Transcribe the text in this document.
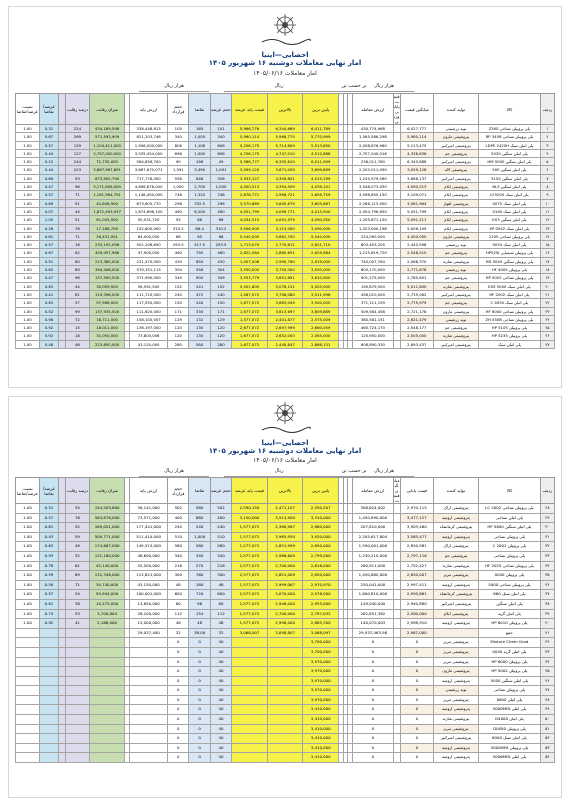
احصایی—اینیا
آمار نهایی معاملات دوشنبه ۱۶ شهریور ۱۴۰۵
آمار معاملات ۱۴۰۵/۰۶/۱۶
هزار ریال	ریال	بر حسب تن	هزار ریال
ردیف	کالا	تولید کننده	میانگین قیمت	قیمت پایانی وزنی	ارزش معامله				پایین ترین	بالاترین	قیمت پایه عرضه	حجم عرضه	تقاضا	حجم قرارداد	ارزش پایه		میزان رقابت	درصد رقابت		عرضه/تقاضا	نسبت عرضه/تقاضا
۱	پلی پروپیلن نساجی Z30S	نوید زرشیمی	6,027,777		430,774,968				6,011,789	6,344,669	5,966,776	101	165	105	338,448,613		434,189,598	224		0.31	1.00
۲	پلی پروپیلن نساجی RP 340R	پتروشیمی مارون	5,960,114		1,565,586,298				5,770,999	5,968,770	5,960,114	340	1,000	340	621,203,746		571,593,909	269		0.67	1.00
۳	پلی اتیلن سبک LDPE 2420H	پتروشیمی امیرکبیر	5,113,475		2,008,676,960				5,513,650	5,714,609	5,206,175	606	1,108	806	1,956,000,000		1,104,411,000	129		0.57	1.00
۴	پلی اتیلن سنگین 5030	پتروشیمی جم	4,336,636		2,757,040,016				4,512,888	4,747,010	4,706,175	696	1,000	696	3,535,454,000		3,757,000,000	127		0.44	1.00
۵	پلی اتیلن سنگین HM 5000	پتروشیمی امیرکبیر	6,340,888		238,011,780				6,011,999	6,355,610	5,566,777	49	196	90	564,856,700		71,735,000	244		0.12	1.00
۶	پلی اتیلن سنگین 500	پتروشیمی لاله	3,059,128		2,203,011,090				3,699,899	3,671,009	3,099,120	1,091	3,490	1,591	3,667,670,071		3,867,987,891	223		0.44	1.00
۷	پلی اتیلن سنگین 5150	پتروشیمی امیرکبیر	3,666,137		1,235,979,560				4,015,199	4,309,801	3,933,127	556	846	556	717,776,000		873,902,790	93		0.69	1.00
۸	پلی اتیلن سنگین BL3	پتروشیمی ایلام	4,090,513		3,548,073,050				4,039,101	4,394,509	4,000,513	1,000	2,700	1,000	4,606,676,000		3,171,806,000	98		0.47	1.00
۹	پلی اتیلن سبک LF0200	پتروشیمی ایلام	3,109,071		3,596,850,150				2,859,759	2,996,721	2,878,771	748	1,320	748	1,146,450,000		1,161,964,791	71		0.57	1.00
۱۰	پلی اتیلن سبک 0075	پتروشیمی اهواز	3,061,964		2,286,113,900				3,605,667	3,645,679	3,570,669	296	332.5	296	673,605,770		42,646,900	91		0.89	1.00
۱۱	پلی اتیلن سبک 0190	پتروشیمی ایلام	5,051,799		2,054,796,650				4,015,500	4,099,771	4,051,799	460	6,200	460	1,674,696,100		1,872,493,937	44		0.07	1.00
۱۲	پلی اتیلن سنگین EX3	پتروشیمی ایلام	5,091,211		1,205,871,150				4,090,050	4,091,979	4,034,515	66	66	55	50,031,720		61,045,000	51		1.00	1.00
۱۳	پلی اتیلن سبک XP 0042	پتروشیمی ایلام	5,006,109		1,023,000,198				3,090,000	3,113,000	3,006,000	310.2	86.4	310.2	152,800,000		17,188,709	76		0.28	1.00
۱۴	پلی پروپیلن نساجی 2105	پتروشیمی مارون	4,400,050		224,090,000				5,540,000	5,661,700	5,540,000	68	65	68	64,000,000		26,431,001	71		0.81	1.00
۱۵	پلی اتیلن سبک 0034	نوید زرشیمی	2,440,598		603,403,205				2,621,710	2,770,611	1,713,079	293.5	517.5	293.5	501,106,650		233,192,096	16		0.57	1.00
۱۶	پلی پروپیلن شیمیایی HP525J	پتروشیمی جم	2,548,510		1,215,819,720				2,629,984	2,880,651	2,622,084	460	790	460	47,900,000		409,057,966	62		0.67	1.00
۱۷	پلی پروپیلن سنگین HD 5040	پتروشیمی شازند	2,066,370		740,007,764				2,919,000	2,990,760	1,007,006	430	850	430	221,470,000		213,385,000	80		0.51	1.00
۱۸	پلی پروپیلن HF 4005	نوید زرشیمی	2,771,678		800,170,000				3,550,000	3,750,000	3,550,000	304	556	304	579,151,113		394,406,000	89		0.65	1.00
۱۹	پلی پروپیلن نساجی HP 5002	پتروشیمی جم	2,780,601		901,279,000				3,610,900	3,651,691	3,553,779	349	900	349	571,990,000		157,590,500	96		0.47	1.00
۲۰	پلی اتیلن سبک EXS 5000	پتروشیمی شازند	5,011,800		190,879,500				5,005,000	5,076,151	5,001,800	152	241	152	56,591,500		30,059,500	44		0.63	1.00
۲۱	پلی اتیلن سبک HF 2002	پتروشیمی امیرکبیر	2,735,062		456,010,000				3,511,996	3,756,080	1,067,072	240	472	240	111,710,000		119,396,000	61		0.41	1.00
۲۲	پلی اتیلن سبک C 4050	پتروشیمی جم	2,775,979		371,111,159				3,500,000	3,663,049	1,677,072	150	240	150	117,550,000		97,566,000	57		0.63	1.00
۲۳	پلی پروپیلن نساجی HF 6000	پتروشیمی مارون	2,721,178		509,584,458				3,609,889	3,613,697	1,677,072	171	330	171	111,620,000		137,935,500	99		0.52	1.00
۲۴	پلی پروپیلن نساجی ZH 550B	نوید زرشیمی	2,621,479		380,581,151				2,575,009	2,401,877	1,577,072	129	132	129	158,100,007		18,711,500	72		0.98	1.00
۲۵	پلی پروپیلن HP 5105	پتروشیمی جم	2,548,177		460,724,170				2,660,059	2,697,999	2,677,072	120	130	120	136,197,000		18,011,000	15		0.92	1.00
۲۶	پلی پروپیلن HP 5235	پتروشیمی شازند	2,505,000		120,950,000				2,565,000	2,652,000	1,677,072	120	130	120	73,800,006		31,050,000	18		0.92	1.00
۲۷	پلی اتیلن سبک	پتروشیمی امیرکبیر	2,893,437		608,890,330				2,866,131	2,440,847	1,677,072	280	584	280	43,120,000		223,650,000	46		0.48	1.00
احصایی—اینیا
آمار نهایی معاملات دوشنبه ۱۶ شهریور ۱۴۰۵
آمار معاملات ۱۴۰۵/۰۶/۱۶
هزار ریال	ریال	بر حسب تن	هزار ریال
ردیف	کالا	تولید کننده	قیمت پایانی	میانگین قیمت	ارزش معامله				پایین ترین	بالاترین	قیمت پایه عرضه	حجم عرضه	تقاضا	حجم قرارداد	ارزش پایه		میزان رقابت	درصد رقابت		عرضه/تقاضا	نسبت عرضه/تقاضا
۲۸	پلی پروپیلن نساجی LC 2002	پتروشیمی اراک	2,970,115		308,624,002				2,550,507	2,471,107	2,590,150	502	580	502	56,141,000		154,503,800	55		0.51	1.00
۲۹	پلی اتیلن نساجی	پتروشیمی ارومیه	3,477,127		1,450,890,000				3,310,000	3,514,900	3,150,000	400	680	400	73,571,000		563,876,000	76		0.57	1.00
۳۰	پلی اتیلن سنگین HP 5600	پتروشیمی کرمانشاه	3,903,460		207,810,000				2,860,000	2,360,967	1,577,072	240	240	240	177,441,000		169,051,000	52		0.61	1.00
۳۱	پلی پروپیلن نساجی	پتروشیمی ارومیه	3,565,477		2,205,617,804				3,920,000	3,965,950	1,577,072	510	1,000	510	511,410,000		509,771,000	59		0.43	1.00
۳۲	پلی پروپیلن C 2001	پتروشیمی اراک	2,850,981		1,590,001,000				2,650,000	2,851,999	1,277,072	580	580	580	149,515,000		174,667,000	49		0.63	1.00
۳۳	پلی پروپیلن نساجی	پتروشیمی جم	2,797,116		1,230,210,000				2,799,000	2,966,609	2,577,072	340	340	340	48,690,000		151,180,000	52		0.93	1.00
۳۴	پلی پروپیلن نساجی HF 2025	پتروشیمی شازند	2,752,427		280,911,000				2,616,000	2,700,000	2,577,072	216	270	216	32,500,000		45,140,000	61		0.78	1.00
۳۵	پلی پروپیلن 0040	پتروشیمی تبریز	2,850,007		1,450,880,000				2,850,000	2,851,009	2,577,072	300	760	300	113,821,000		131,346,000	69		0.59	1.00
۳۶	پلی پروپیلن نساجی 5000	پتروشیمی ارومیه	2,997,411		250,041,000				2,970,970	2,999,067	1,577,072	48	180	48	43,150,000		34,740,000	71		0.50	1.00
۳۷	پلی اتیلن سبک 660	پتروشیمی کرمانشاه	2,995,861		1,600,810,000				2,976,000	3,070,000	2,577,072	600	720	600	100,001,000		93,944,000	54		0.57	1.00
۳۸	پلی اتیلن سنگین	پتروشیمی امیرکبیر	2,940,880		149,040,000				2,955,000	2,946,000	2,577,072	60	96	60	13,650,000		14,275,000	38		0.61	1.00
۳۹	پلی اتیلن گرید	پتروشیمی ایلام	2,500,000		262,851,362				2,797,032	2,700,000	1,577,072	112	154	112	28,100,000		3,700,804	53		0.73	1.00
۴۰	پلی پروپیلن HP 6010	پتروشیمی ارومیه	2,998,910		140,070,003				2,885,300	2,998,000	1,577,072	48	48	48	12,000,000		2,166,000	41		0.92	1.00
۴۱	جمع		2,987,000		29,937,463,98				3,068,097	3,098,807	3,068,007	32	38.00	32	29,037,400						
۴۲	Mixture Chem Grad	پتروشیمی تبریز	0		0				3,700,000			40	0	0							
۴۳	پلی اتیلن گرید 0040	پتروشیمی تبریز	0		0				3,700,000			40	0	0							
۴۴	پلی پروپیلن HP 6000	پتروشیمی تبریز	0		0				3,970,000			40	0	0							
۴۵	پلی پروپیلن HP 5002	پتروشیمی مارون	0		0				3,970,000			40	0	0							
۴۶	پلی اتیلن سنگین 5050	پتروشیمی ارومیه	0		0				3,970,000			40	0	0							
۴۷	پلی پروپیلن نساجی	نوید زرشیمی	0		0				3,970,000			40	0	0							
۴۸	پلی اتیلن 0600	پتروشیمی تبریز	0		0				3,970,000			40	0	0							
۴۹	پلی اتیلن 5000MFA	پتروشیمی ارومیه	0		0				3,410,000			40	0	0							
۵۰	پلی اتیلن D4000	پتروشیمی شازند	0		0				3,410,000			40	0	0							
۵۱	پلی پروپیلن D0050	پتروشیمی تبریز	0		0				3,410,000			40	0	0							
۵۲	پلی اتیلن سبک 6000	پتروشیمی امیرکبیر	0		0				3,410,000			40	0	0							
۵۳	پلی پروپیلن 5000MFA	پتروشیمی ارومیه	0		0				3,410,000			40	0	0							
۵۴	پلی اتیلن 5006MFA	پتروشیمی ارومیه	0		0				3,410,000			40	0	0							
